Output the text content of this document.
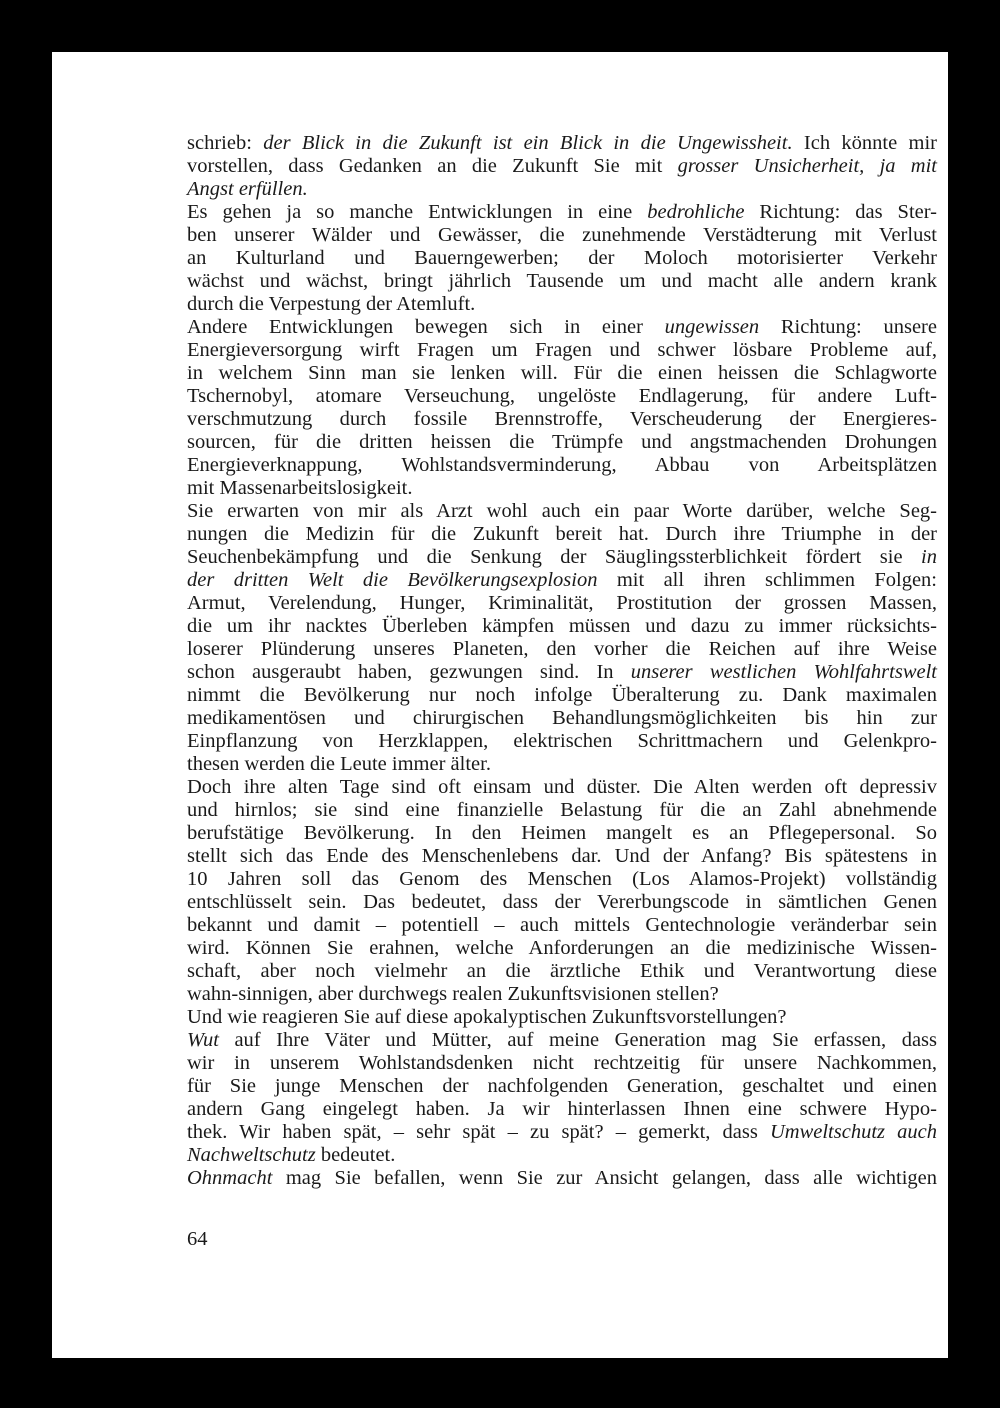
schrieb: der Blick in die Zukunft ist ein Blick in die Ungewissheit. Ich könnte mir
vorstellen, dass Gedanken an die Zukunft Sie mit grosser Unsicherheit, ja mit
Angst erfüllen.
Es gehen ja so manche Entwicklungen in eine bedrohliche Richtung: das Ster-
ben unserer Wälder und Gewässer, die zunehmende Verstädterung mit Verlust
an Kulturland und Bauerngewerben; der Moloch motorisierter Verkehr
wächst und wächst, bringt jährlich Tausende um und macht alle andern krank
durch die Verpestung der Atemluft.
Andere Entwicklungen bewegen sich in einer ungewissen Richtung: unsere
Energieversorgung wirft Fragen um Fragen und schwer lösbare Probleme auf,
in welchem Sinn man sie lenken will. Für die einen heissen die Schlagworte
Tschernobyl, atomare Verseuchung, ungelöste Endlagerung, für andere Luft-
verschmutzung durch fossile Brennstroffe, Verscheuderung der Energieres-
sourcen, für die dritten heissen die Trümpfe und angstmachenden Drohungen
Energieverknappung, Wohlstandsverminderung, Abbau von Arbeitsplätzen
mit Massenarbeitslosigkeit.
Sie erwarten von mir als Arzt wohl auch ein paar Worte darüber, welche Seg-
nungen die Medizin für die Zukunft bereit hat. Durch ihre Triumphe in der
Seuchenbekämpfung und die Senkung der Säuglingssterblichkeit fördert sie in
der dritten Welt die Bevölkerungsexplosion mit all ihren schlimmen Folgen:
Armut, Verelendung, Hunger, Kriminalität, Prostitution der grossen Massen,
die um ihr nacktes Überleben kämpfen müssen und dazu zu immer rücksichts-
loserer Plünderung unseres Planeten, den vorher die Reichen auf ihre Weise
schon ausgeraubt haben, gezwungen sind. In unserer westlichen Wohlfahrtswelt
nimmt die Bevölkerung nur noch infolge Überalterung zu. Dank maximalen
medikamentösen und chirurgischen Behandlungsmöglichkeiten bis hin zur
Einpflanzung von Herzklappen, elektrischen Schrittmachern und Gelenkpro-
thesen werden die Leute immer älter.
Doch ihre alten Tage sind oft einsam und düster. Die Alten werden oft depressiv
und hirnlos; sie sind eine finanzielle Belastung für die an Zahl abnehmende
berufstätige Bevölkerung. In den Heimen mangelt es an Pflegepersonal. So
stellt sich das Ende des Menschenlebens dar. Und der Anfang? Bis spätestens in
10 Jahren soll das Genom des Menschen (Los Alamos-Projekt) vollständig
entschlüsselt sein. Das bedeutet, dass der Vererbungscode in sämtlichen Genen
bekannt und damit – potentiell – auch mittels Gentechnologie veränderbar sein
wird. Können Sie erahnen, welche Anforderungen an die medizinische Wissen-
schaft, aber noch vielmehr an die ärztliche Ethik und Verantwortung diese
wahn-sinnigen, aber durchwegs realen Zukunftsvisionen stellen?
Und wie reagieren Sie auf diese apokalyptischen Zukunftsvorstellungen?
Wut auf Ihre Väter und Mütter, auf meine Generation mag Sie erfassen, dass
wir in unserem Wohlstandsdenken nicht rechtzeitig für unsere Nachkommen,
für Sie junge Menschen der nachfolgenden Generation, geschaltet und einen
andern Gang eingelegt haben. Ja wir hinterlassen Ihnen eine schwere Hypo-
thek. Wir haben spät, – sehr spät – zu spät? – gemerkt, dass Umweltschutz auch
Nachweltschutz bedeutet.
Ohnmacht mag Sie befallen, wenn Sie zur Ansicht gelangen, dass alle wichtigen
64
